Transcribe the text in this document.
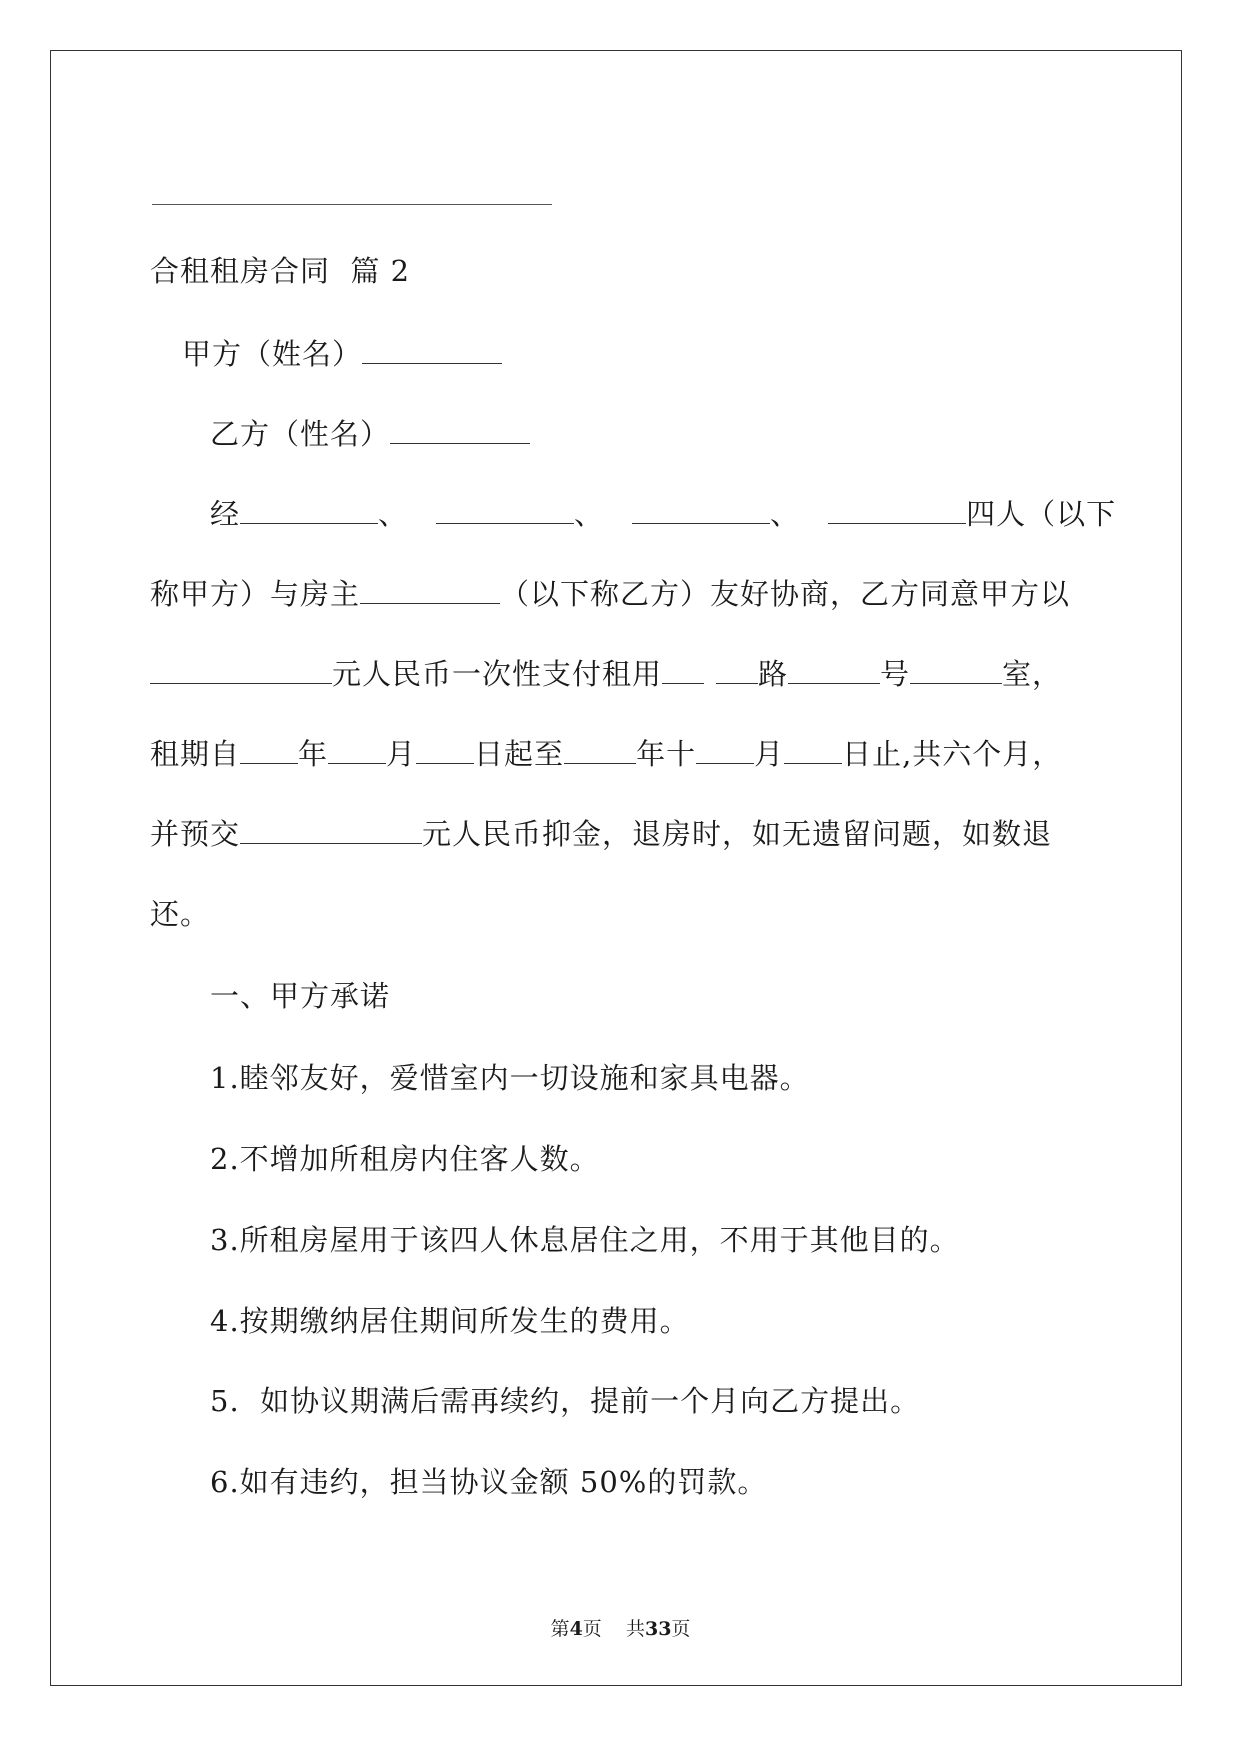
合租租房合同  篇 2
甲方（姓名）
乙方（性名）
经	、	、	、	四人（以下
称甲方）与房主	（以下称乙方）友好协商，乙方同意甲方以
元人民币一次性支付租用	路	号	室，
租期自 年 月 日起至 年十 月 日止,共六个月，
并预交	元人民币抑金，退房时，如无遗留问题，如数退
还。
一、甲方承诺
1.睦邻友好，爱惜室内一切设施和家具电器。
2.不增加所租房内住客人数。
3.所租房屋用于该四人休息居住之用，不用于其他目的。
4.按期缴纳居住期间所发生的费用。
5.  如协议期满后需再续约，提前一个月向乙方提出。
6.如有违约，担当协议金额 50%的罚款。
第4页    共33页
